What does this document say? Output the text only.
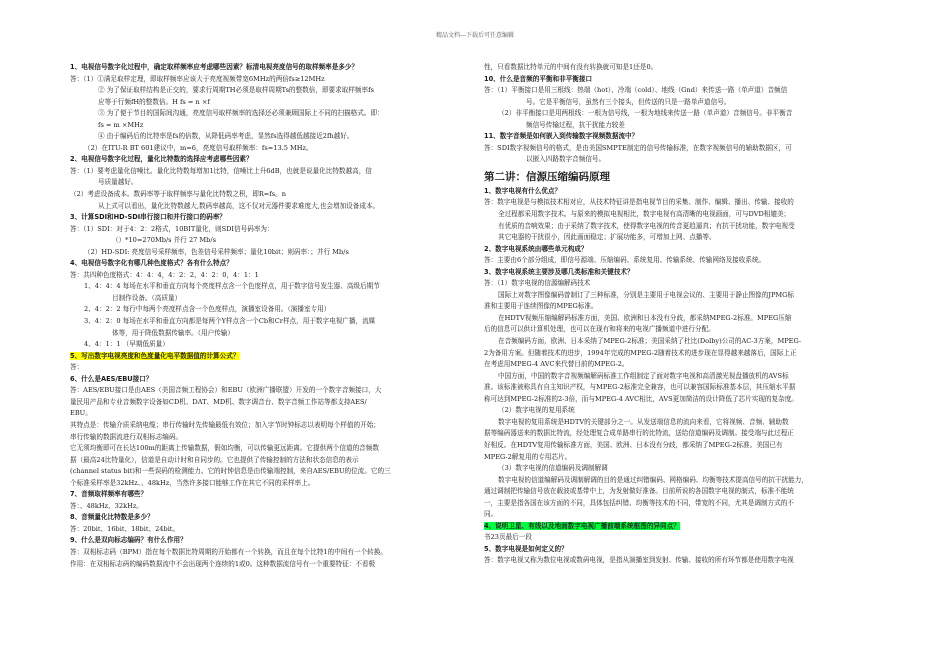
精品文档---下载后可任意编辑
1、电视信号数字化过程中，确定取样频率应考虑哪些因素？标清电视亮度信号的取样频率是多少？
答：（1）①满足取样定理，即取样频率应该大于亮度视频带宽6MHz的两倍fs≥12MHz
② 为了保证取样结构是正交的，要求行周期TH必须是取样周期Ts的整数倍，即要求取样频率fs
应等于行频fH的整数倍。H fs = n ×f
③ 为了便于节目的国际间沟通，亮度信号取样频率的选择还必须兼顾国际上不同的扫描格式。即：
fs = m ×MHz
④ 由于编码后的比特率是fs的倍数，从降低码率考虑，显然fs选得越低越接近2fh越好。
（2）在ITU-R BT 601建议中，m=6，亮度信号取样频率：fs=13.5 MHz。
2、电视信号数字化过程，量化比特数的选择应考虑哪些因素？
答：（1）要考虑量化信噪比。量化比特数每增加1比特，信噪比上升6dB，也就是说量化比特数越高，信
号质量越好。
（2）考虑设备成本。数码率等于取样频率与量化比特数之积，即R=fs。n
从上式可以看出，量化比特数越大,数码率越高，这不仅对元器件要求难度大,也会增加设备成本。
3、计算SDI和HD-SDI串行接口和并行接口的码率？
答：（1）SDI：对于4：2：2格式，10BIT量化，则SDI信号码率为：
（）*10=270Mb/s 并行 27 Mb/s
（2）HD-SDI: 亮度信号采样频率，色差信号采样频率；量化10bit；则码率：；并行 Mb/s
4、电视信号数字化有哪几种色度格式？各有什么特点？
答：共四种色度格式：4：4：4，4：2：2，4：2：0，4：1：1
1、4：4：4 每场在水平和垂直方向每个亮度样点含一个色度样点，用于数字信号发生器、高级后期节
目制作设备。（高质量）
2、4：2：2 每行中每两个亮度样点含一个色度样点，演播室设备用。（演播室专用）
3、4：2：0 每场在水平和垂直方向都是每两个Y样点含一个Cb和Cr样点，用于数字电视广播，流媒
体等，用于降低数据传输率。（用户传输）
4、4：1：1 （早期低质量）
5、写出数字电视亮度和色度量化电平数据值的计算公式？
答：
6、什么是AES/EBU接口？
答：AES/EBU接口是由AES（美国音频工程协会）和EBU（欧洲广播联盟）开发的一个数字音频接口，大
量民用产品和专业音频数字设备如CD机、DAT、MD机、数字调音台、数字音频工作站等都支持AES/
EBU。
其特点是：传输介质采纳电缆；串行传输时先传输最低有效位；加入字节时钟标志以表明每个样值的开始；
串行传输的数据流进行双相标志编码。
它无须均衡即可在长达100m的距离上传输数据，假如均衡，可以传输更远距离。它提供两个信道的音频数
据（最高24比特量化），信道是自动计时和自同步的。它也提供了传输控制的方法和状态信息的表示
(channel status bit)和一些误码的检测能力。它的时钟信息是由传输端控制，来自AES/EBU的位流。它的三
个标准采样率是32kHz、、48kHz，当然许多接口能够工作在其它不同的采样率上。
7、音频取样频率有哪些？
答：、48kHz、32kHz。
8、音频量化比特数是多少？
答：20bit、16bit、18bit、24bit。
9、什么是双向标志编码？有什么作用？
答：双相标志码（BPM）指在每个数据比特周期的开始都有一个转换，而且在每个比特1的中间有一个转换。
作用：在双相标志码的编码数据流中不会出现两个连续的1或0。这种数据流信号有一个重要特征：不看极
性，只看数据比特单元的中间有没有转换就可知是1还是0。
10、什么是音频的平衡和非平衡接口
答：（1）平衡接口是用三根线：热端（hot）、冷端（cold）、地线（Gnd）来传送一路（单声道）音频信
号。它是平衡信号，虽然有三个接头，但传送的只是一路单声道信号。
（2）非平衡接口是用两根线：一根为信号线，一根为地线来传送一路（单声道）音频信号。非平衡音
频信号传输过程，抗干扰能力较差
11、数字音频是如何嵌入到传输数字视频数据流中？
答：SDI数字视频信号的格式，是由美国SMPTE制定的信号传输标准，在数字视频信号的辅助数据区，可
以嵌入四路数字音频信号。
第二讲：信源压缩编码原理
1、数字电视有什么优点？
答：数字电视是与模拟技术相对应，从技术特征讲是指电视节目的采集、制作、编辑、播出、传输、接收的
全过程都采用数字技术。与原来的模拟电视相比，数字电视有高清晰的电视画面，可与DVD相媲美；
有优质的音响效果；由于采纳了数字技术，使得数字电视的传音更趋逼真；有抗干扰功能，数字电视受
其它电器的干扰很小，因此画面稳定；扩展功能多，可增加上网、点播等。
2、数字电视系统由哪些单元构成？
答：主要由6个部分组成，即信号源端、压缩编码、系统复用、传输系统、传输网络及接收系统。
3、数字电视系统主要涉及哪几类标准和关键技术？
答：（1）数字电视的信源编解码技术
国际上对数字图像编码曾制订了三种标准，分别是主要用于电视会议的、主要用于静止图像的JPMG标
准和主要用于连续图像的MPEG标准。
在HDTV视频压缩编解码标准方面，美国、欧洲和日本没有分歧，都采纳MPEG-2标准。MPEG压缩
后的信息可以供计算机处理，也可以在现有和将来的电视广播频道中进行分配。
在音频编码方面，欧洲、日本采纳了MPEG-2标准；美国采纳了杜比(Dolby)公司的AC-3方案，MPEG-
2为备用方案。但随着技术的进步，1994年完成的MPEG-2随着技术的进步现在显得越来越落后，国际上正
在考虑用MPEG-4 AVC来代替目前的MPEG-2。
中国方面，中国的数字音视频编解码标准工作组制定了面对数字电视和高清激光视盘播放机的AVS标
准。该标准被称具有自主知识产权，与MPEG-2标准完全兼容，也可以兼容国际标准基本层，其压缩水平据
称可达到MPEG-2标准的2-3倍，而与MPEG-4 AVC相比，AVS更加简洁的设计降低了芯片实现的复杂度。
（2）数字电视的复用系统
数字电视的复用系统是HDTV的关键部分之一。从发送端信息的流向来看，它将视频、音频、辅助数
据等编码器送来的数据比特流，经处理复合成单路串行的比特流，送给信道编码及调制。接受端与此过程正
好相反。在HDTV复用传输标准方面，美国、欧洲、日本没有分歧，都采纳了MPEG-2标准。美国已有
MPEG-2解复用的专用芯片。
（3）数字电视的信道编码及调制解调
数字电视的信道编解码及调制解调的目的是通过纠错编码、网格编码、均衡等技术提高信号的抗干扰能力，
通过调制把传输信号放在载波或基带中上，为发射做好准备。目前所说的各国数字电视的制式，标准不能统
一，主要是指各国在该方面的不同，具体包括纠错、均衡等技术的不同，带宽的不同，尤其是调制方式的不
同。
4、说明卫星、有线以及地面数字电视广播前端系统框图的异同点？
书23页最后一段
5、数字电视是如何定义的？
答：数字电视又称为数位电视或数码电视，是指从演播室到发射、传输、接收的所有环节都是使用数字电视
